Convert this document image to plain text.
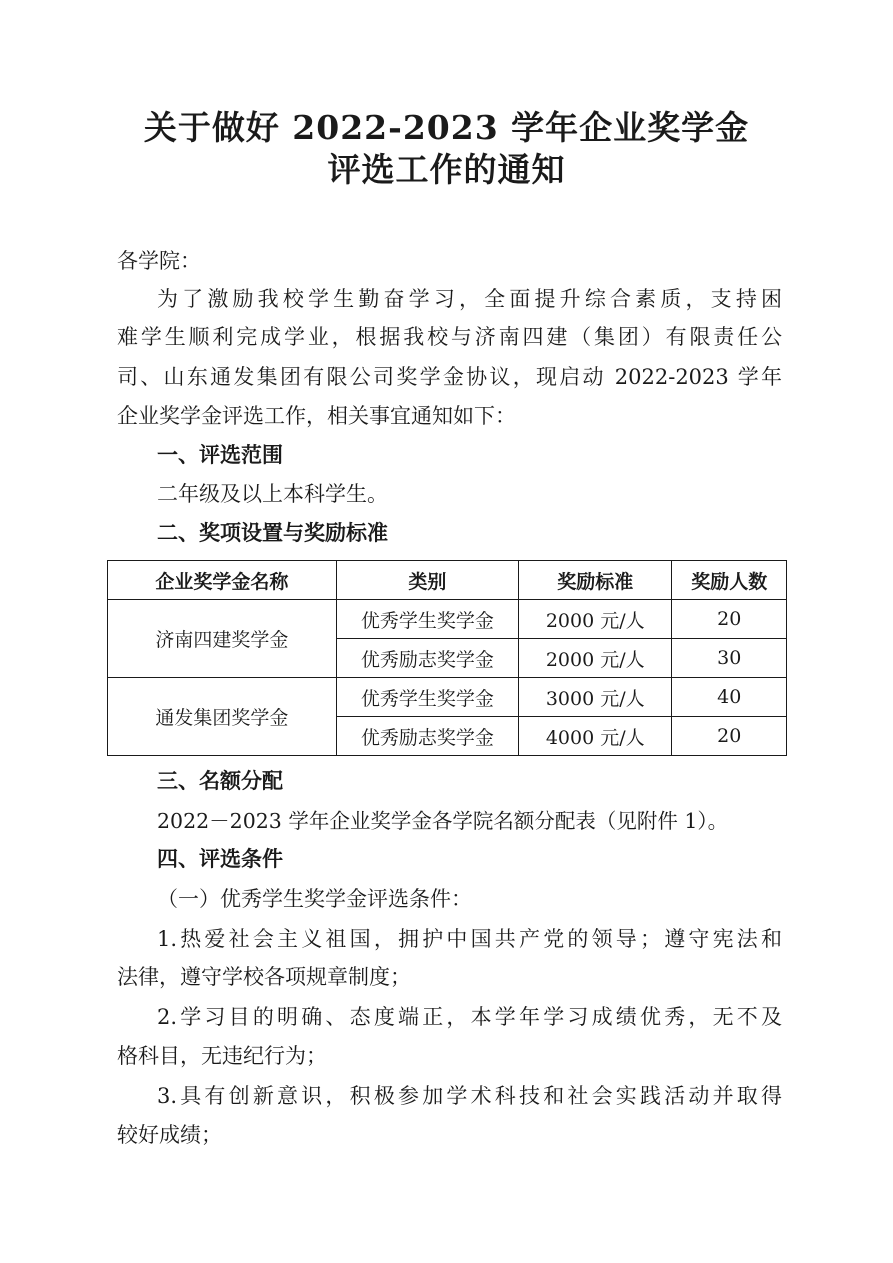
关于做好 2022-2023 学年企业奖学金
评选工作的通知
各学院：
为了激励我校学生勤奋学习，全面提升综合素质，支持困
难学生顺利完成学业，根据我校与济南四建（集团）有限责任公
司、山东通发集团有限公司奖学金协议，现启动 2022-2023 学年
企业奖学金评选工作，相关事宜通知如下：
一、评选范围
二年级及以上本科学生。
二、奖项设置与奖励标准
企业奖学金名称	类别	奖励标准	奖励人数
济南四建奖学金	优秀学生奖学金	2000 元/人	20
	优秀励志奖学金	2000 元/人	30
通发集团奖学金	优秀学生奖学金	3000 元/人	40
	优秀励志奖学金	4000 元/人	20
三、名额分配
2022－2023 学年企业奖学金各学院名额分配表（见附件 1）。
四、评选条件
（一）优秀学生奖学金评选条件：
1.热爱社会主义祖国，拥护中国共产党的领导；遵守宪法和
法律，遵守学校各项规章制度；
2.学习目的明确、态度端正，本学年学习成绩优秀，无不及
格科目，无违纪行为；
3.具有创新意识，积极参加学术科技和社会实践活动并取得
较好成绩；
